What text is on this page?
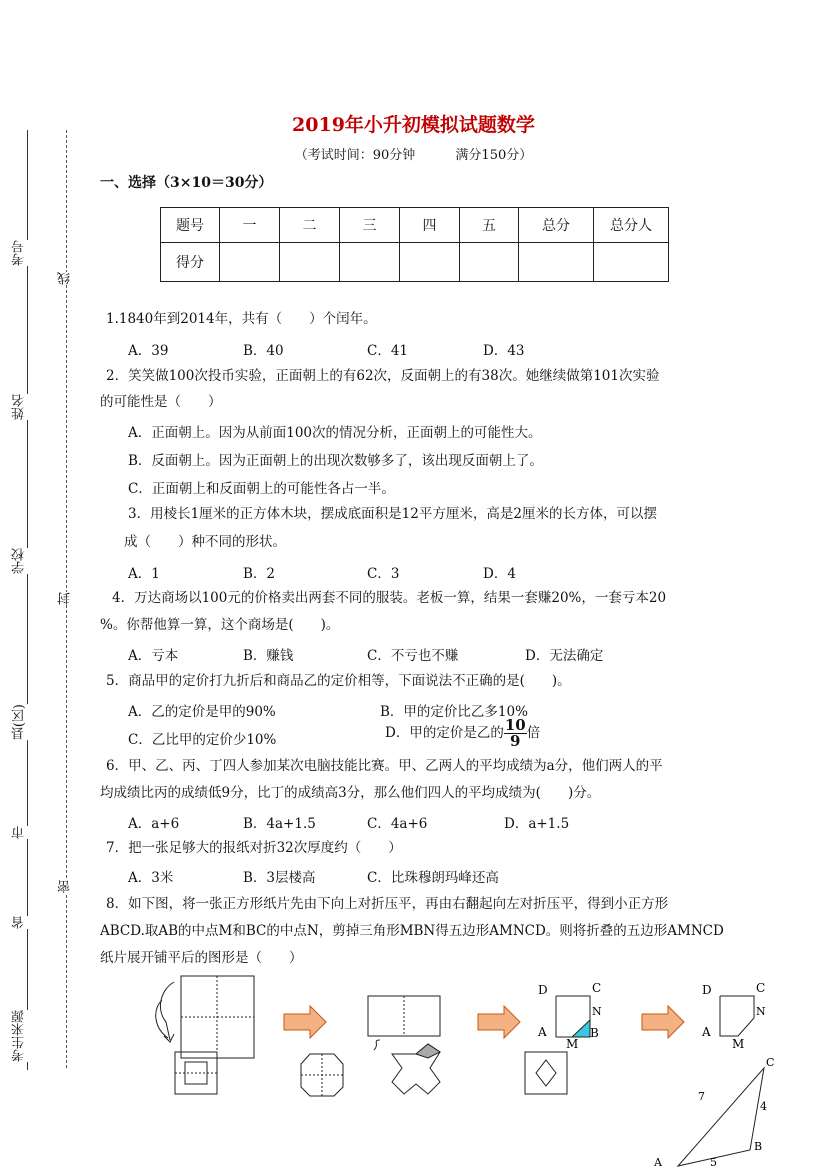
考号
姓名
学校
县(区)
市
省
考生来源
线
封
密
2019年小升初模拟试题数学
（考试时间：90分钟	满分150分）
一、选择（3×10＝30分）
题号	一	二	三	四	五	总分	总分人
得分							
1.1840年到2014年，共有（　　）个闰年。
A．39	B．40	C．41	D．43
2．笑笑做100次投币实验，正面朝上的有62次，反面朝上的有38次。她继续做第101次实验
的可能性是（　　）
A．正面朝上。因为从前面100次的情况分析，正面朝上的可能性大。
B．反面朝上。因为正面朝上的出现次数够多了，该出现反面朝上了。
C．正面朝上和反面朝上的可能性各占一半。
3．用棱长1厘米的正方体木块，摆成底面积是12平方厘米，高是2厘米的长方体，可以摆
成（　　）种不同的形状。
A．1	B．2	C．3	D．4
4．万达商场以100元的价格卖出两套不同的服装。老板一算，结果一套赚20%，一套亏本20
%。你帮他算一算，这个商场是(　　)。
A．亏本	B．赚钱	C．不亏也不赚	D．无法确定
5．商品甲的定价打九折后和商品乙的定价相等，下面说法不正确的是(　　)。
A．乙的定价是甲的90%	B．甲的定价比乙多10%
C．乙比甲的定价少10%	D．甲的定价是乙的 $\frac{10}{9}$ 倍
6．甲、乙、丙、丁四人参加某次电脑技能比赛。甲、乙两人的平均成绩为a分，他们两人的平
均成绩比丙的成绩低9分，比丁的成绩高3分，那么他们四人的平均成绩为(　　)分。
A．a+6	B．4a+1.5	C．4a+6	D．a+1.5
7．把一张足够大的报纸对折32次厚度约（　　）
A．3米	B．3层楼高	C．比珠穆朗玛峰还高
8．如下图，将一张正方形纸片先由下向上对折压平，再由右翻起向左对折压平，得到小正方形
ABCD.取AB的中点M和BC的中点N，剪掉三角形MBN得五边形AMNCD。则将折叠的五边形AMNCD
纸片展开铺平后的图形是（　　）
D	C
N
A	B
M
D	C
N
A
M
C
A
B
7
4
5
